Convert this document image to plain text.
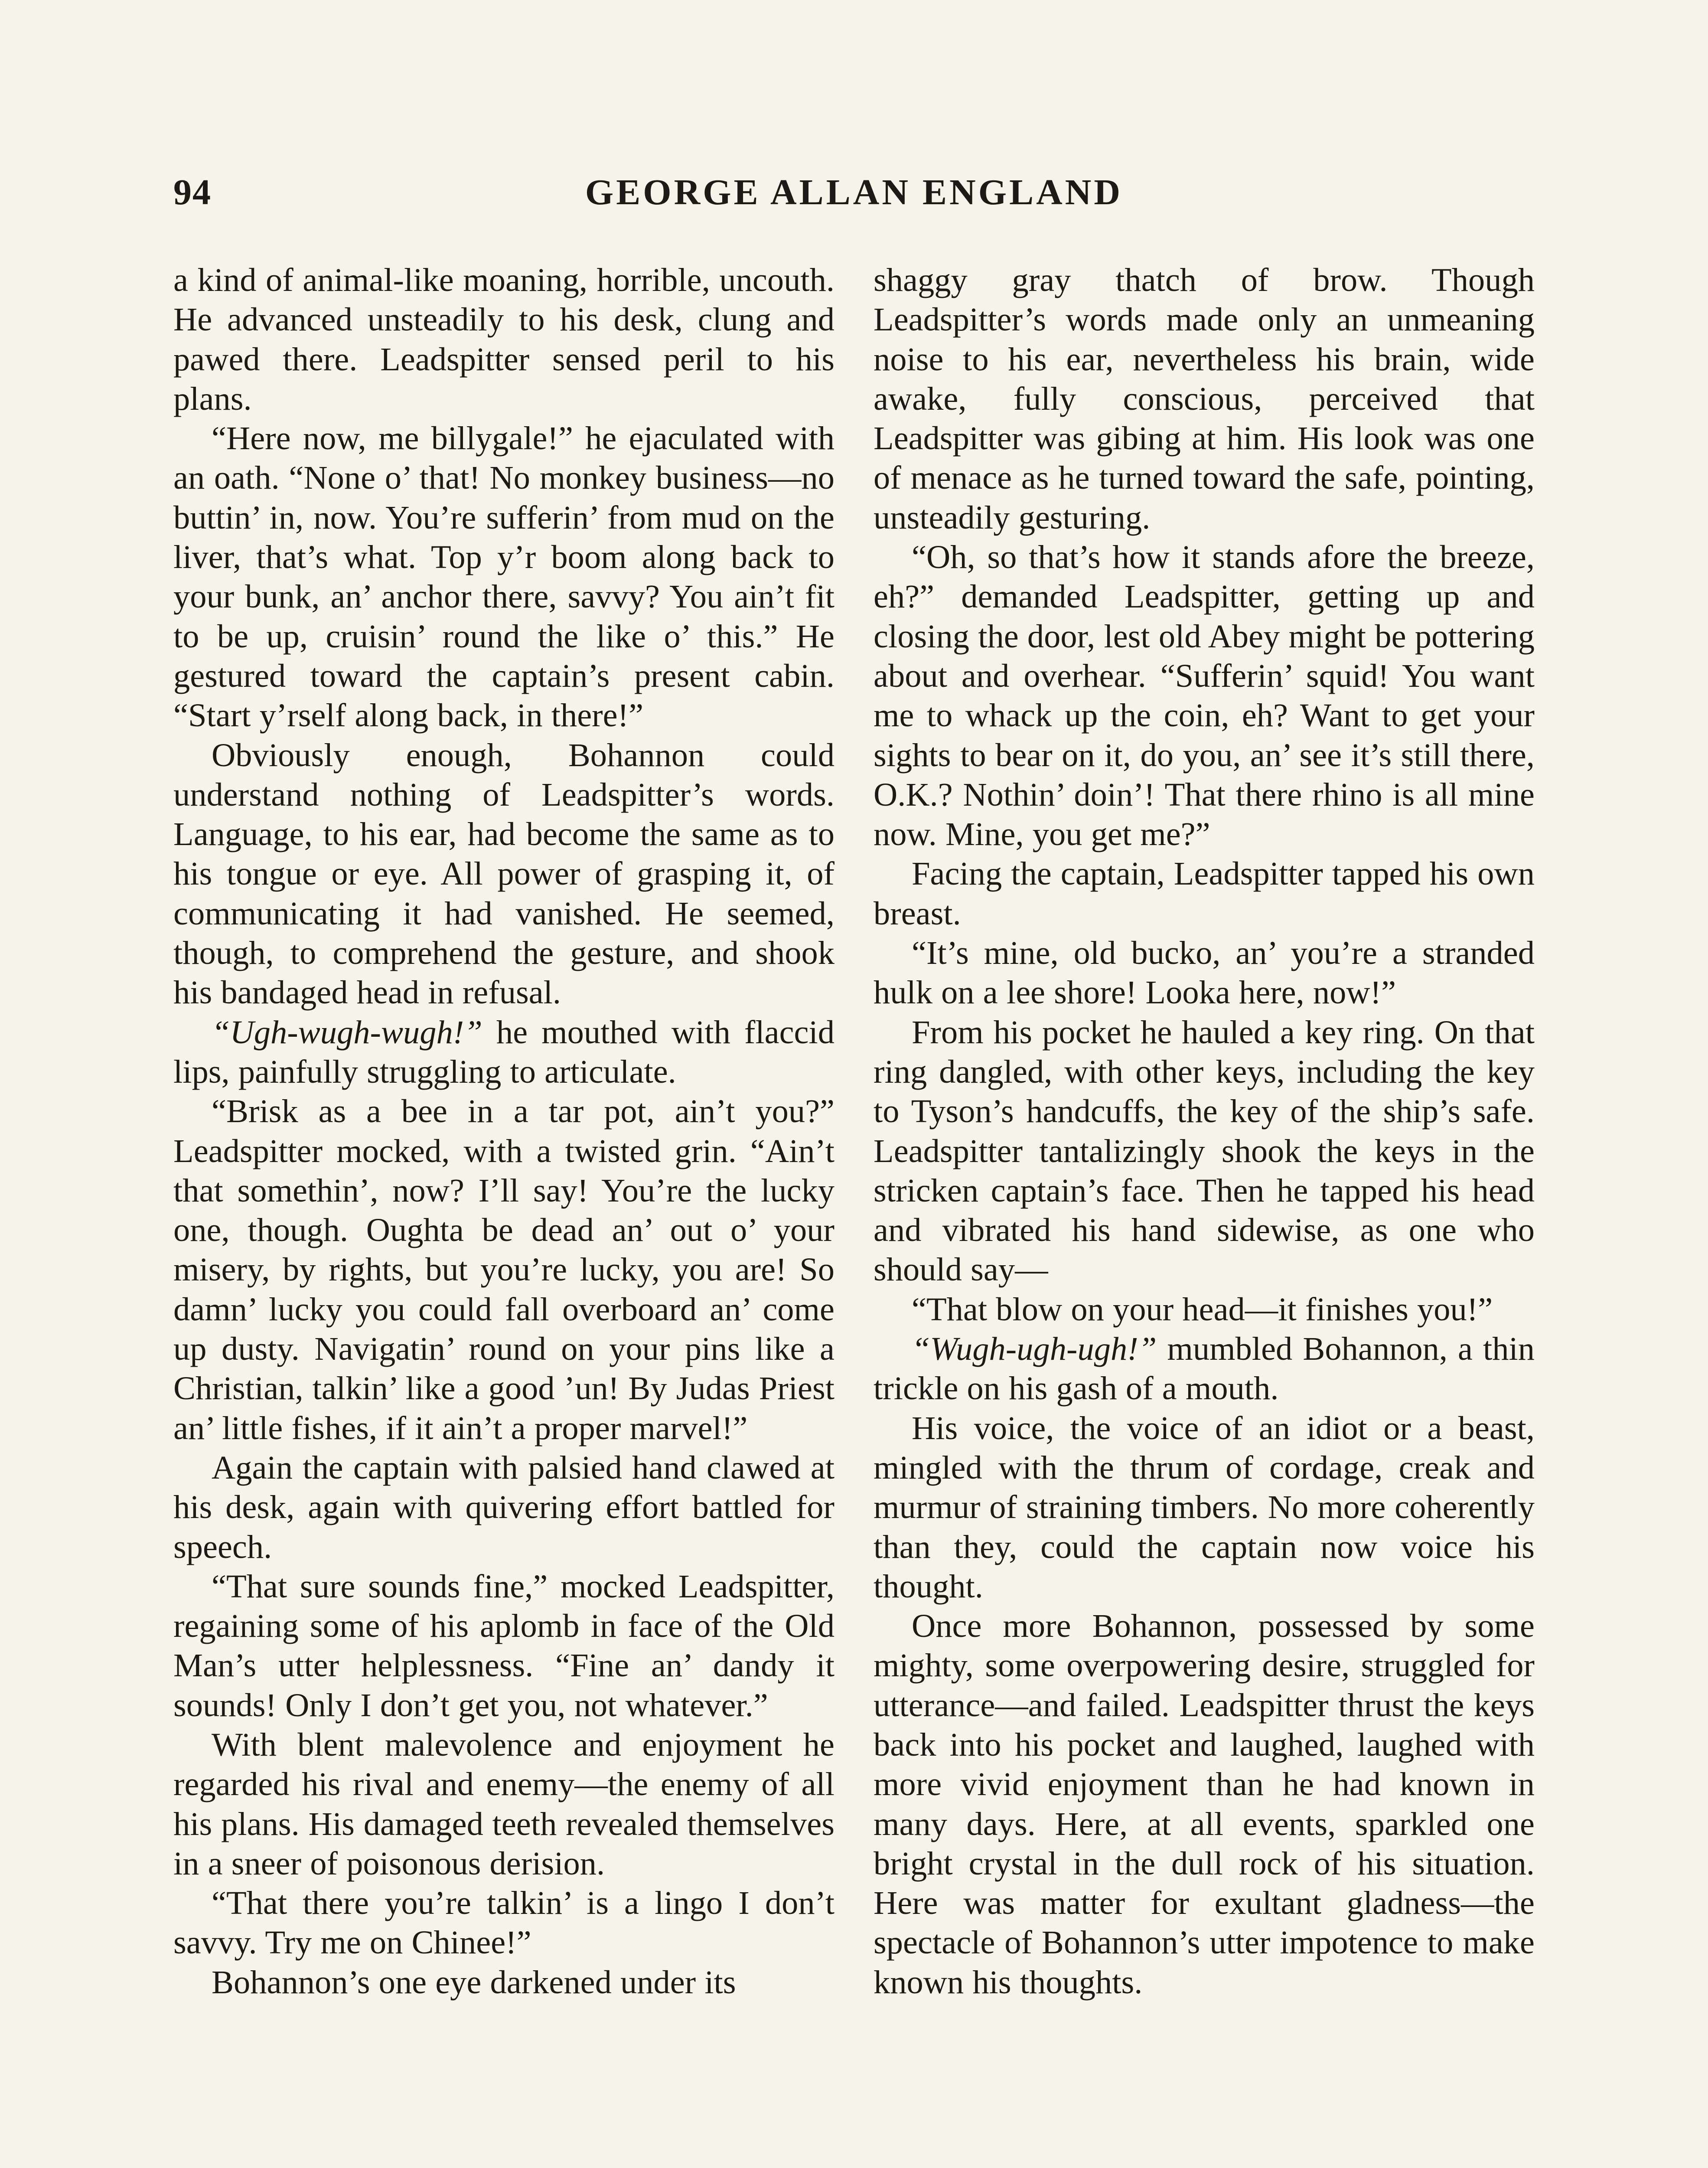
94	GEORGE ALLAN ENGLAND

a kind of animal-like moaning, horrible, uncouth. He advanced unsteadily to his desk, clung and pawed there. Leadspitter sensed peril to his plans.

“Here now, me billygale!” he ejaculated with an oath. “None o’ that! No monkey business—no buttin’ in, now. You’re sufferin’ from mud on the liver, that’s what. Top y’r boom along back to your bunk, an’ anchor there, savvy? You ain’t fit to be up, cruisin’ round the like o’ this.” He gestured toward the captain’s present cabin. “Start y’rself along back, in there!”

Obviously enough, Bohannon could understand nothing of Leadspitter’s words. Language, to his ear, had become the same as to his tongue or eye. All power of grasping it, of communicating it had vanished. He seemed, though, to comprehend the gesture, and shook his bandaged head in refusal.

“Ugh-wugh-wugh!” he mouthed with flaccid lips, painfully struggling to articulate.

“Brisk as a bee in a tar pot, ain’t you?” Leadspitter mocked, with a twisted grin. “Ain’t that somethin’, now? I’ll say! You’re the lucky one, though. Oughta be dead an’ out o’ your misery, by rights, but you’re lucky, you are! So damn’ lucky you could fall overboard an’ come up dusty. Navigatin’ round on your pins like a Christian, talkin’ like a good ’un! By Judas Priest an’ little fishes, if it ain’t a proper marvel!”

Again the captain with palsied hand clawed at his desk, again with quivering effort battled for speech.

“That sure sounds fine,” mocked Leadspitter, regaining some of his aplomb in face of the Old Man’s utter helplessness. “Fine an’ dandy it sounds! Only I don’t get you, not whatever.”

With blent malevolence and enjoyment he regarded his rival and enemy—the enemy of all his plans. His damaged teeth revealed themselves in a sneer of poisonous derision.

“That there you’re talkin’ is a lingo I don’t savvy. Try me on Chinee!”

Bohannon’s one eye darkened under its

shaggy gray thatch of brow. Though Leadspitter’s words made only an unmeaning noise to his ear, nevertheless his brain, wide awake, fully conscious, perceived that Leadspitter was gibing at him. His look was one of menace as he turned toward the safe, pointing, unsteadily gesturing.

“Oh, so that’s how it stands afore the breeze, eh?” demanded Leadspitter, getting up and closing the door, lest old Abey might be pottering about and overhear. “Sufferin’ squid! You want me to whack up the coin, eh? Want to get your sights to bear on it, do you, an’ see it’s still there, O.K.? Nothin’ doin’! That there rhino is all mine now. Mine, you get me?”

Facing the captain, Leadspitter tapped his own breast.

“It’s mine, old bucko, an’ you’re a stranded hulk on a lee shore! Looka here, now!”

From his pocket he hauled a key ring. On that ring dangled, with other keys, including the key to Tyson’s handcuffs, the key of the ship’s safe. Leadspitter tantalizingly shook the keys in the stricken captain’s face. Then he tapped his head and vibrated his hand sidewise, as one who should say—

“That blow on your head—it finishes you!”

“Wugh-ugh-ugh!” mumbled Bohannon, a thin trickle on his gash of a mouth.

His voice, the voice of an idiot or a beast, mingled with the thrum of cordage, creak and murmur of straining timbers. No more coherently than they, could the captain now voice his thought.

Once more Bohannon, possessed by some mighty, some overpowering desire, struggled for utterance—and failed. Leadspitter thrust the keys back into his pocket and laughed, laughed with more vivid enjoyment than he had known in many days. Here, at all events, sparkled one bright crystal in the dull rock of his situation. Here was matter for exultant gladness—the spectacle of Bohannon’s utter impotence to make known his thoughts.
